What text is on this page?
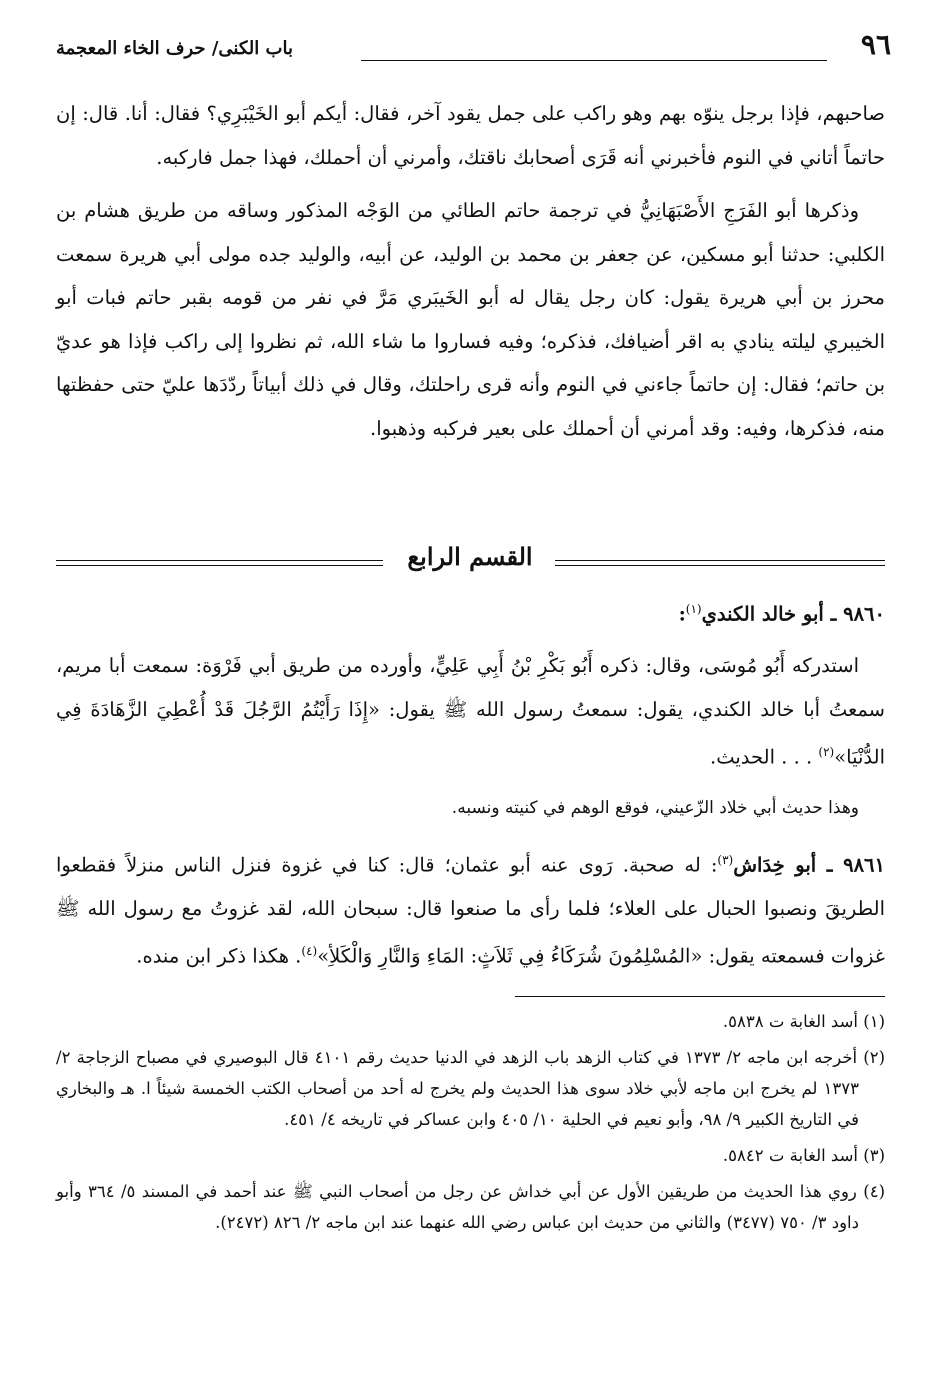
٩٦
باب الكنى/ حرف الخاء المعجمة

صاحبهم، فإذا برجل ينوّه بهم وهو راكب على جمل يقود آخر، فقال: أيكم أبو الخَيْبَرِي؟ فقال: أنا. قال: إن حاتماً أتاني في النوم فأخبرني أنه قَرَى أصحابك ناقتك، وأمرني أن أحملك، فهذا جمل فاركبه.

وذكرها أبو الفَرَجِ الأَصْبَهَانِيُّ في ترجمة حاتم الطائي من الوَجْه المذكور وساقه من طريق هشام بن الكلبي: حدثنا أبو مسكين، عن جعفر بن محمد بن الوليد، عن أبيه، والوليد جده مولى أبي هريرة سمعت محرز بن أبي هريرة يقول: كان رجل يقال له أبو الخَيبَري مَرَّ في نفر من قومه بقبر حاتم فبات أبو الخيبري ليلته ينادي به اقر أضيافك، فذكره؛ وفيه فساروا ما شاء الله، ثم نظروا إلى راكب فإذا هو عديّ بن حاتم؛ فقال: إن حاتماً جاءني في النوم وأنه قرى راحلتك، وقال في ذلك أبياتاً ردّدَها عليّ حتى حفظتها منه، فذكرها، وفيه: وقد أمرني أن أحملك على بعير فركبه وذهبوا.

القسم الرابع

٩٨٦٠ ـ أبو خالد الكندي$^{(١)}$:

استدركه أَبُو مُوسَى، وقال: ذكره أَبُو بَكْرِ بْنُ أَبِي عَلِيٍّ، وأورده من طريق أبي فَرْوَة: سمعت أبا مريم، سمعتُ أبا خالد الكندي، يقول: سمعتُ رسول الله ﷺ يقول: «إِذَا رَأَيْتُمُ الرَّجُلَ قَدْ أُعْطِيَ الزَّهَادَةَ فِي الدُّنْيَا»$^{(٢)}$ . . . الحديث.

وهذا حديث أبي خلاد الزّعيني، فوقع الوهم في كنيته ونسبه.

٩٨٦١ ـ أبو خِدَاش$^{(٣)}$: له صحبة. رَوى عنه أبو عثمان؛ قال: كنا في غزوة فنزل الناس منزلاً فقطعوا الطريقَ ونصبوا الحبال على العلاء؛ فلما رأى ما صنعوا قال: سبحان الله، لقد غزوتُ مع رسول الله ﷺ غزوات فسمعته يقول: «المُسْلِمُونَ شُرَكَاءُ فِي ثَلاَثٍ: المَاءِ وَالنَّارِ وَالْكَلأِ»$^{(٤)}$. هكذا ذكر ابن منده.

(١) أسد الغابة ت ٥٨٣٨.

(٢) أخرجه ابن ماجه ٢/ ١٣٧٣ في كتاب الزهد باب الزهد في الدنيا حديث رقم ٤١٠١ قال البوصيري في مصباح الزجاجة ٢/ ١٣٧٣ لم يخرج ابن ماجه لأبي خلاد سوى هذا الحديث ولم يخرج له أحد من أصحاب الكتب الخمسة شيئاً ا. هـ والبخاري في التاريخ الكبير ٩/ ٩٨، وأبو نعيم في الحلية ١٠/ ٤٠٥ وابن عساكر في تاريخه ٤/ ٤٥١.

(٣) أسد الغابة ت ٥٨٤٢.

(٤) روي هذا الحديث من طريقين الأول عن أبي خداش عن رجل من أصحاب النبي ﷺ عند أحمد في المسند ٥/ ٣٦٤ وأبو داود ٣/ ٧٥٠ (٣٤٧٧) والثاني من حديث ابن عباس رضي الله عنهما عند ابن ماجه ٢/ ٨٢٦ (٢٤٧٢).
